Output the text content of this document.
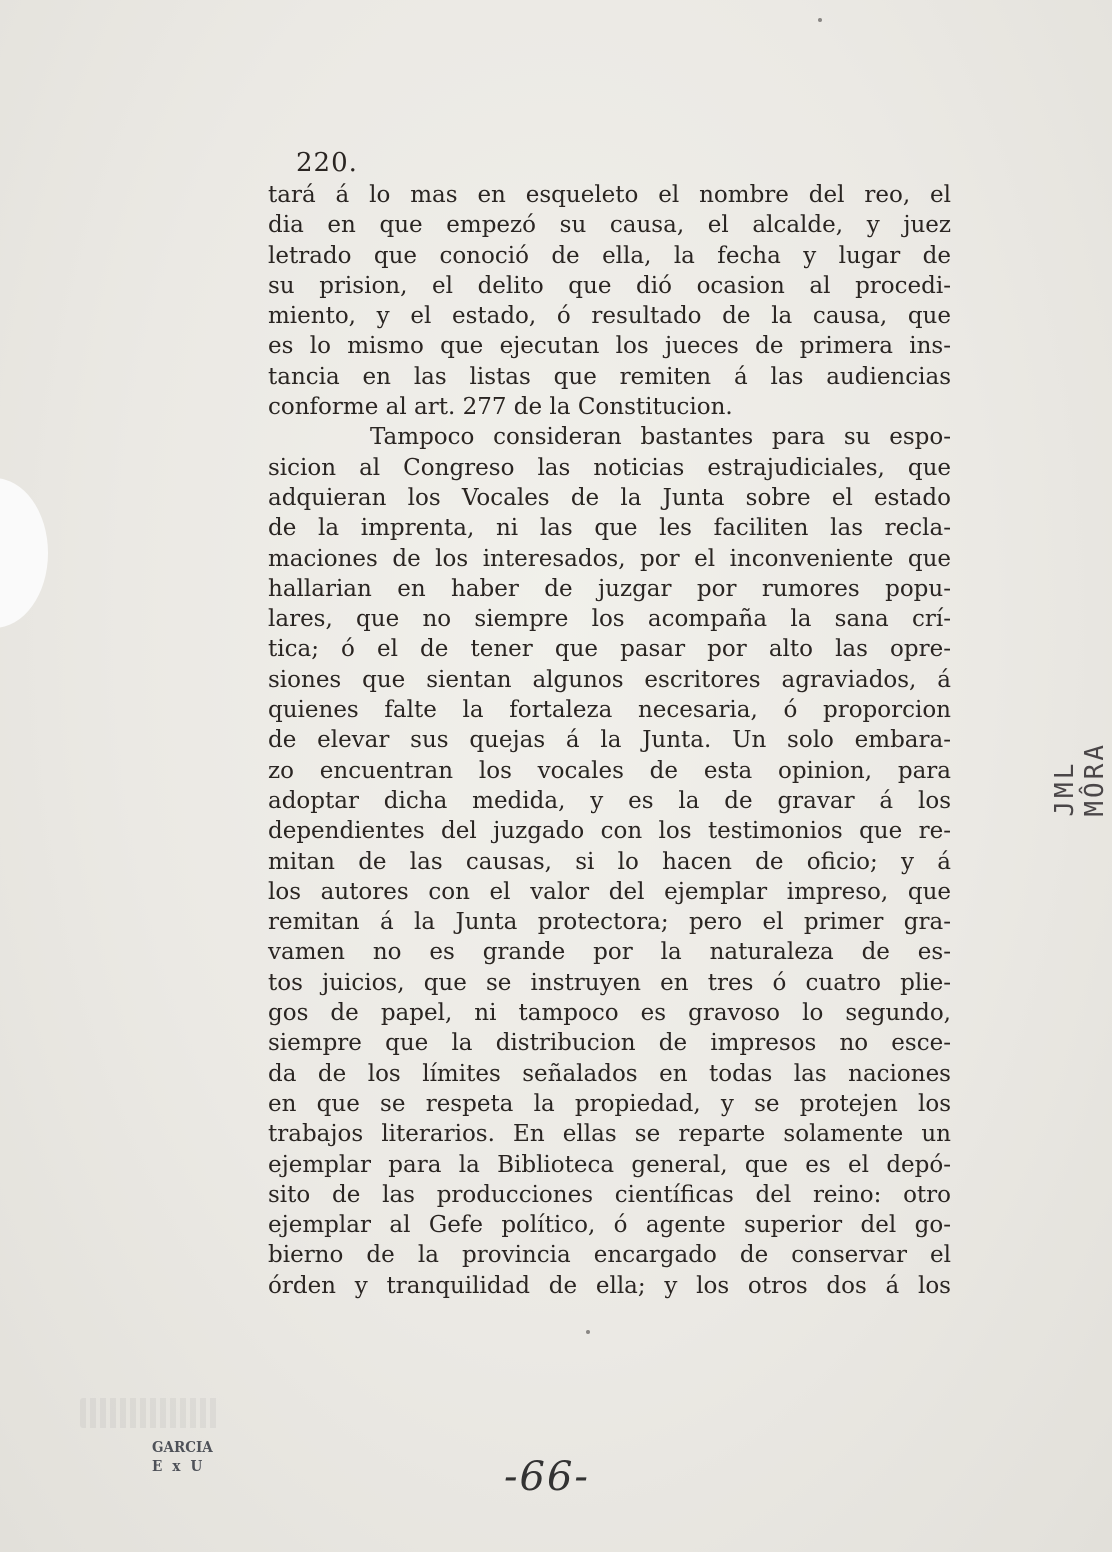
220.
tará á lo mas en esqueleto el nombre del reo, el
dia en que empezó su causa, el alcalde, y juez
letrado que conoció de ella, la fecha y lugar de
su prision, el delito que dió ocasion al procedi-
miento, y el estado, ó resultado de la causa, que
es lo mismo que ejecutan los jueces de primera ins-
tancia en las listas que remiten á las audiencias
conforme al art. 277 de la Constitucion.
Tampoco consideran bastantes para su espo-
sicion al Congreso las noticias estrajudiciales, que
adquieran los Vocales de la Junta sobre el estado
de la imprenta, ni las que les faciliten las recla-
maciones de los interesados, por el inconveniente que
hallarian en haber de juzgar por rumores popu-
lares, que no siempre los acompaña la sana crí-
tica; ó el de tener que pasar por alto las opre-
siones que sientan algunos escritores agraviados, á
quienes falte la fortaleza necesaria, ó proporcion
de elevar sus quejas á la Junta. Un solo embara-
zo encuentran los vocales de esta opinion, para
adoptar dicha medida, y es la de gravar á los
dependientes del juzgado con los testimonios que re-
mitan de las causas, si lo hacen de oficio; y á
los autores con el valor del ejemplar impreso, que
remitan á la Junta protectora; pero el primer gra-
vamen no es grande por la naturaleza de es-
tos juicios, que se instruyen en tres ó cuatro plie-
gos de papel, ni tampoco es gravoso lo segundo,
siempre que la distribucion de impresos no esce-
da de los límites señalados en todas las naciones
en que se respeta la propiedad, y se protejen los
trabajos literarios. En ellas se reparte solamente un
ejemplar para la Biblioteca general, que es el depó-
sito de las producciones científicas del reino: otro
ejemplar al Gefe político, ó agente superior del go-
bierno de la provincia encargado de conservar el
órden y tranquilidad de ella; y los otros dos á los
GARCIA
E x U
JML MÔRA
-66-
